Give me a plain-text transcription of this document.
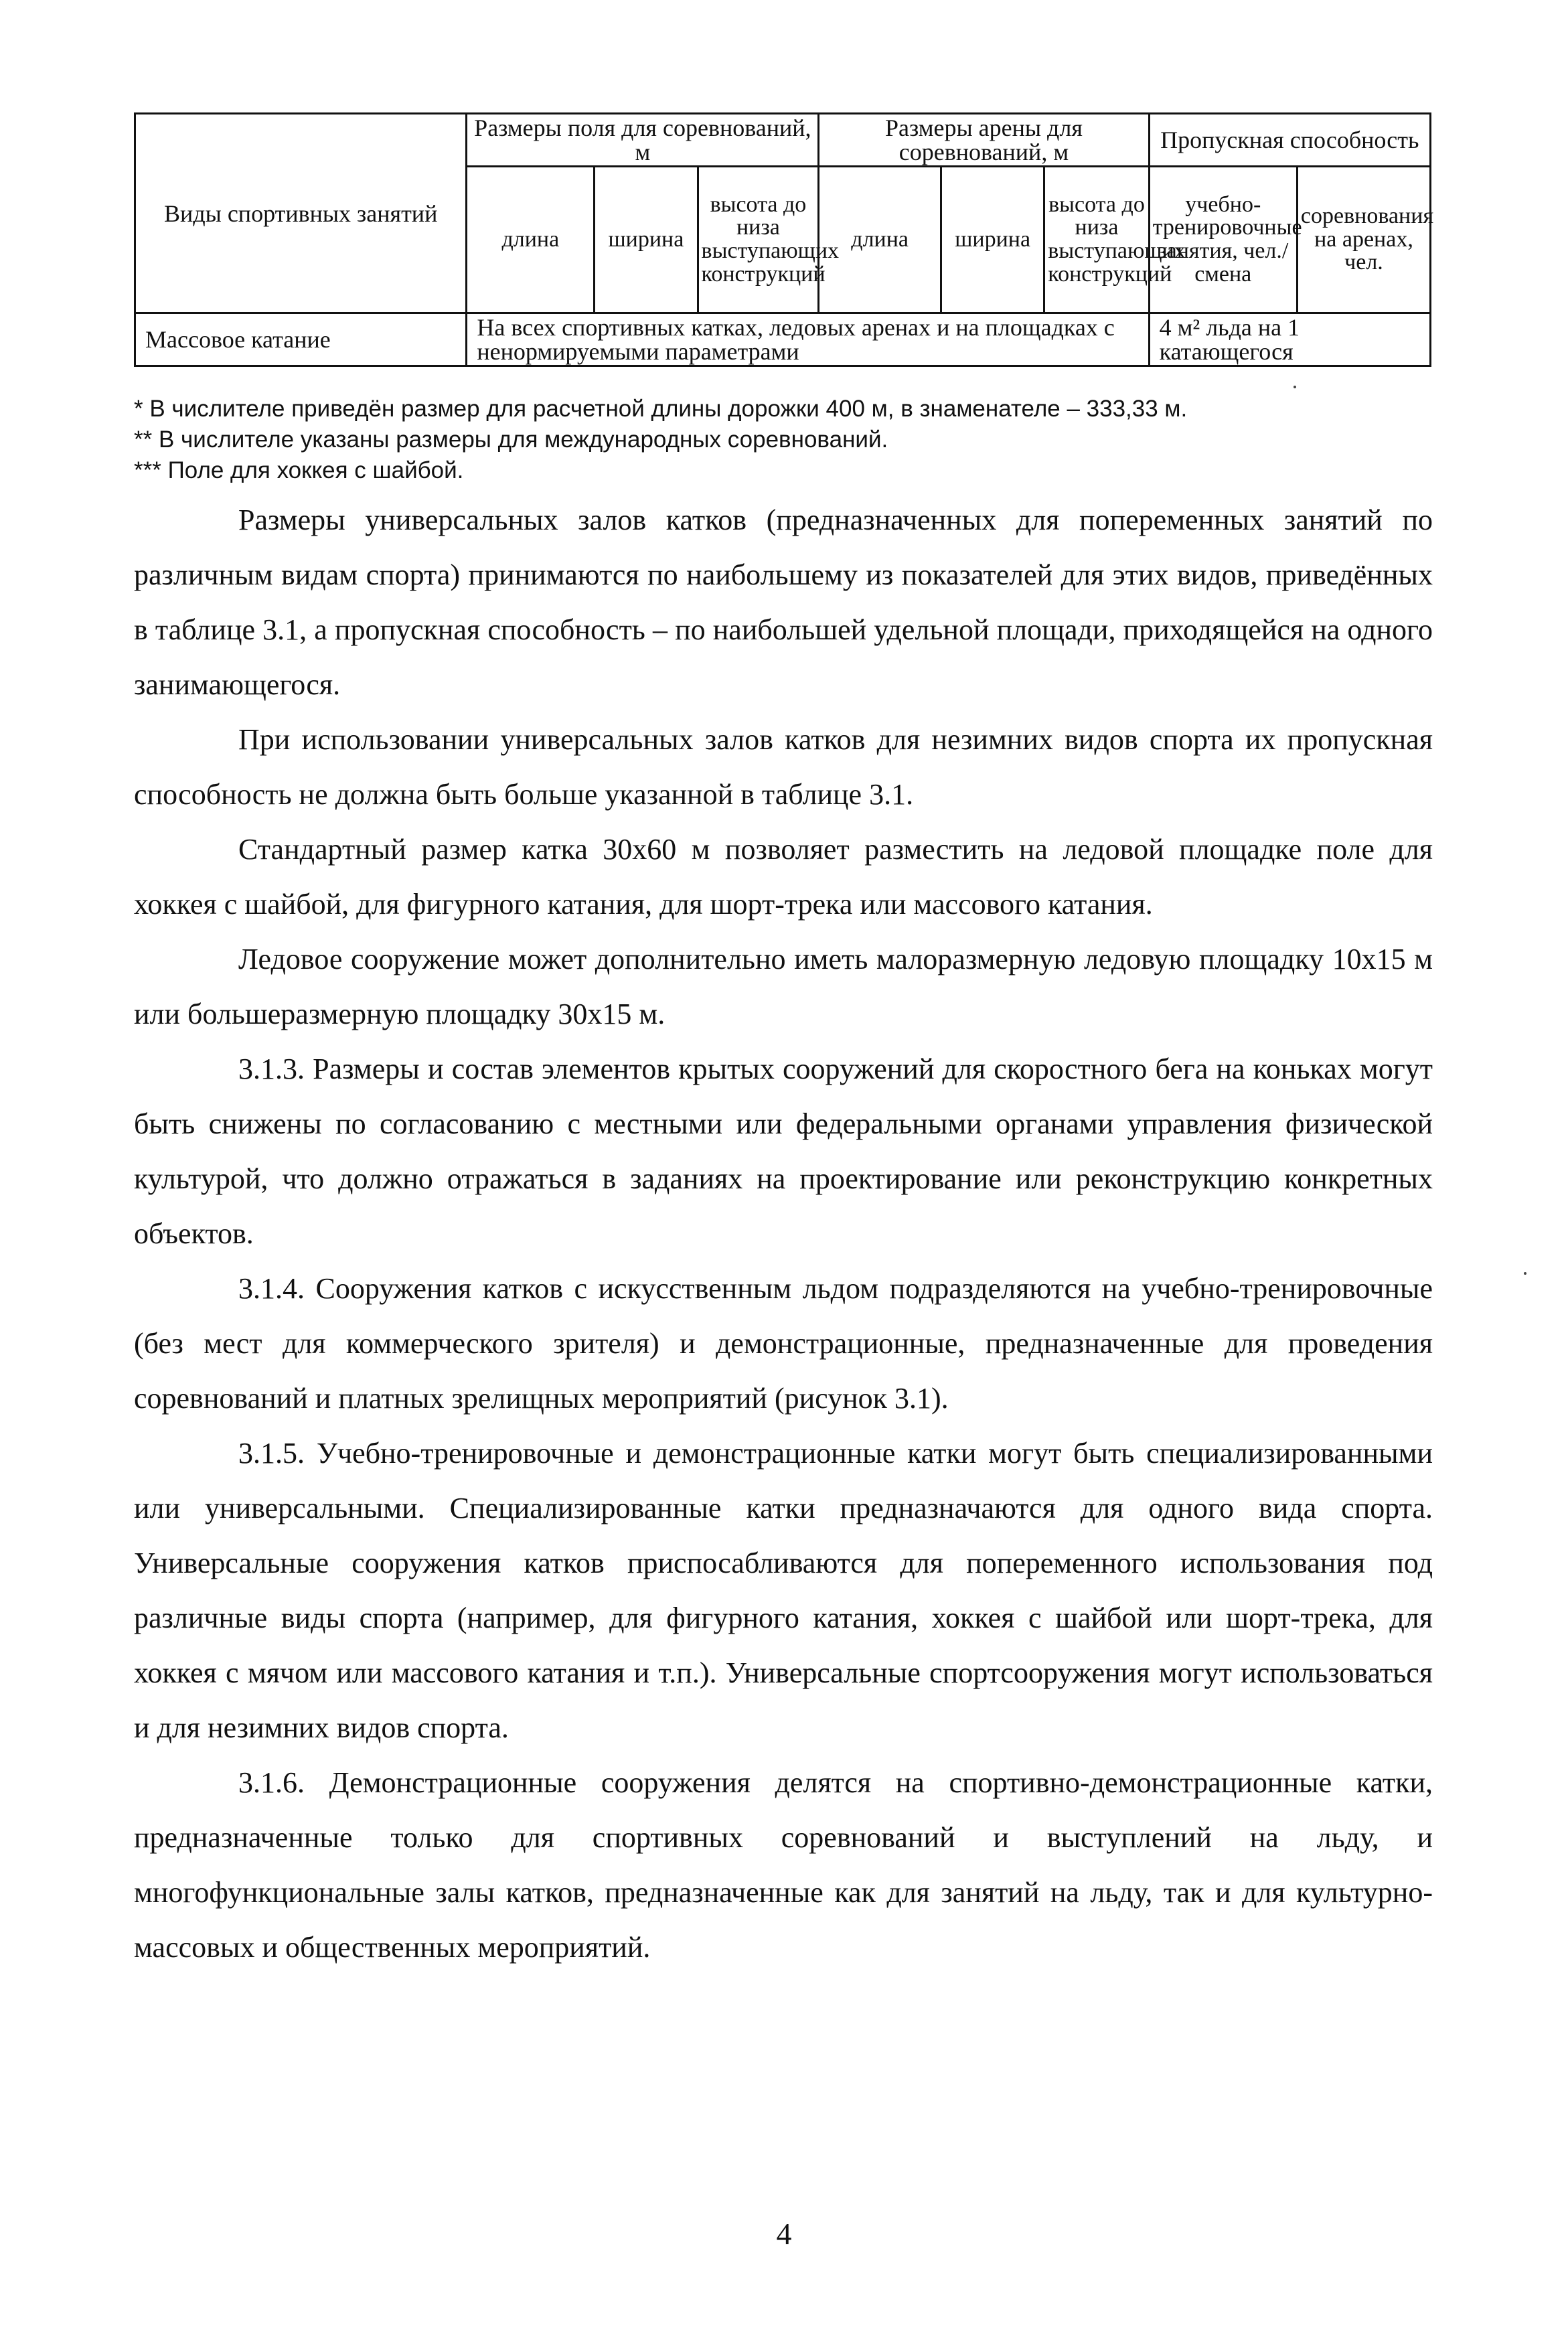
Виды спортивных занятий	Размеры поля для соревнований, м			Размеры арены для соревнований, м			Пропускная способность	
	длина	ширина	высота до низа выступающих конструкций	длина	ширина	высота до низа выступающих конструкций	учебно-тренировочные занятия, чел./смена	соревнования на аренах, чел.
Массовое катание	На всех спортивных катках, ледовых аренах и на площадках с ненормируемыми параметрами						4 м² льда на 1 катающегося	
* В числителе приведён размер для расчетной длины дорожки 400 м, в знаменателе – 333,33 м.
** В числителе указаны размеры для международных соревнований.
*** Поле для хоккея с шайбой.

Размеры универсальных залов катков (предназначенных для попеременных занятий по различным видам спорта) принимаются по наибольшему из показателей для этих видов, приведённых в таблице 3.1, а пропускная способность – по наибольшей удельной площади, приходящейся на одного занимающегося.

При использовании универсальных залов катков для незимних видов спорта их пропускная способность не должна быть больше указанной в таблице 3.1.

Стандартный размер катка 30х60 м позволяет разместить на ледовой площадке поле для хоккея с шайбой, для фигурного катания, для шорт-трека или массового катания.

Ледовое сооружение может дополнительно иметь малоразмерную ледовую площадку 10х15 м или большеразмерную площадку 30х15 м.

3.1.3. Размеры и состав элементов крытых сооружений для скоростного бега на коньках могут быть снижены по согласованию с местными или федеральными органами управления физической культурой, что должно отражаться в заданиях на проектирование или реконструкцию конкретных объектов.

3.1.4. Сооружения катков с искусственным льдом подразделяются на учебно-тренировочные (без мест для коммерческого зрителя) и демонстрационные, предназначенные для проведения соревнований и платных зрелищных мероприятий (рисунок 3.1).

3.1.5. Учебно-тренировочные и демонстрационные катки могут быть специализированными или универсальными. Специализированные катки предназначаются для одного вида спорта. Универсальные сооружения катков приспосабливаются для попеременного использования под различные виды спорта (например, для фигурного катания, хоккея с шайбой или шорт-трека, для хоккея с мячом или массового катания и т.п.). Универсальные спортсооружения могут использоваться и для незимних видов спорта.

3.1.6. Демонстрационные сооружения делятся на спортивно-демонстрационные катки, предназначенные только для спортивных соревнований и выступлений на льду, и многофункциональные залы катков, предназначенные как для занятий на льду, так и для культурно-массовых и общественных мероприятий.

4
